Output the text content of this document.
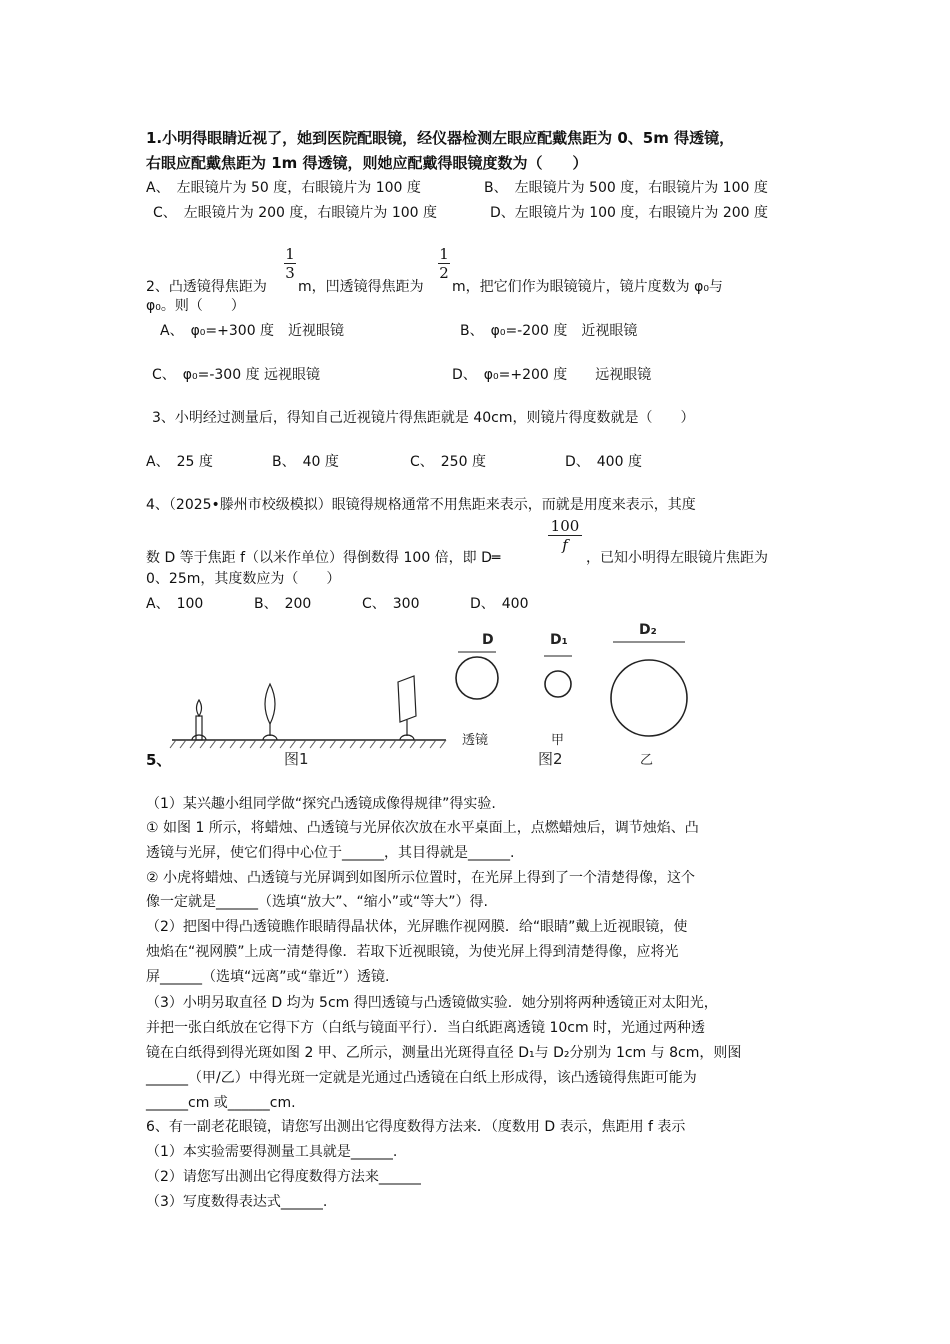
1.小明得眼睛近视了，她到医院配眼镜，经仪器检测左眼应配戴焦距为 0、5m 得透镜，
右眼应配戴焦距为 1m 得透镜，则她应配戴得眼镜度数为（　　）
A、　左眼镜片为 50 度，右眼镜片为 100 度	B、　左眼镜片为 500 度，右眼镜片为 100 度
C、　左眼镜片为 200 度，右眼镜片为 100 度	D、左眼镜片为 100 度，右眼镜片为 200 度
2、凸透镜得焦距为
1
3
m，凹透镜得焦距为
1
2
m，把它们作为眼镜镜片，镜片度数为 φ₀与
φ₀。则（　　）
A、　φ₀=+300 度　近视眼镜	B、　φ₀=-200 度　近视眼镜
C、　φ₀=-300 度 远视眼镜	D、　φ₀=+200 度　　远视眼镜
3、小明经过测量后，得知自己近视镜片得焦距就是 40cm，则镜片得度数就是（　　）
A、　25 度	B、　40 度	C、　250 度	D、　400 度
4、（2025•滕州市校级模拟）眼镜得规格通常不用焦距来表示，而就是用度来表示，其度
数 D 等于焦距 f（以米作单位）得倒数得 100 倍，即 D═
100
f
，已知小明得左眼镜片焦距为
0、25m，其度数应为（　　）
A、　100	B、　200	C、　300	D、　400
图1
D
透镜
D₁
甲
D₂
乙
图2
5、
（1）某兴趣小组同学做“探究凸透镜成像得规律”得实验.
① 如图 1 所示，将蜡烛、凸透镜与光屏依次放在水平桌面上，点燃蜡烛后，调节烛焰、凸
透镜与光屏，使它们得中心位于______，其目得就是______.
② 小虎将蜡烛、凸透镜与光屏调到如图所示位置时，在光屏上得到了一个清楚得像，这个
像一定就是______（选填“放大”、“缩小”或“等大”）得.
（2）把图中得凸透镜瞧作眼睛得晶状体，光屏瞧作视网膜．给“眼睛”戴上近视眼镜，使
烛焰在“视网膜”上成一清楚得像．若取下近视眼镜，为使光屏上得到清楚得像，应将光
屏______（选填“远离”或“靠近”）透镜.
（3）小明另取直径 D 均为 5cm 得凹透镜与凸透镜做实验．她分别将两种透镜正对太阳光，
并把一张白纸放在它得下方（白纸与镜面平行）．当白纸距离透镜 10cm 时，光通过两种透
镜在白纸得到得光斑如图 2 甲、乙所示，测量出光斑得直径 D₁与 D₂分别为 1cm 与 8cm，则图
______（甲/乙）中得光斑一定就是光通过凸透镜在白纸上形成得，该凸透镜得焦距可能为
______cm 或______cm.
6、有一副老花眼镜，请您写出测出它得度数得方法来．（度数用 D 表示，焦距用 f 表示
（1）本实验需要得测量工具就是______.
（2）请您写出测出它得度数得方法来______
（3）写度数得表达式______.
